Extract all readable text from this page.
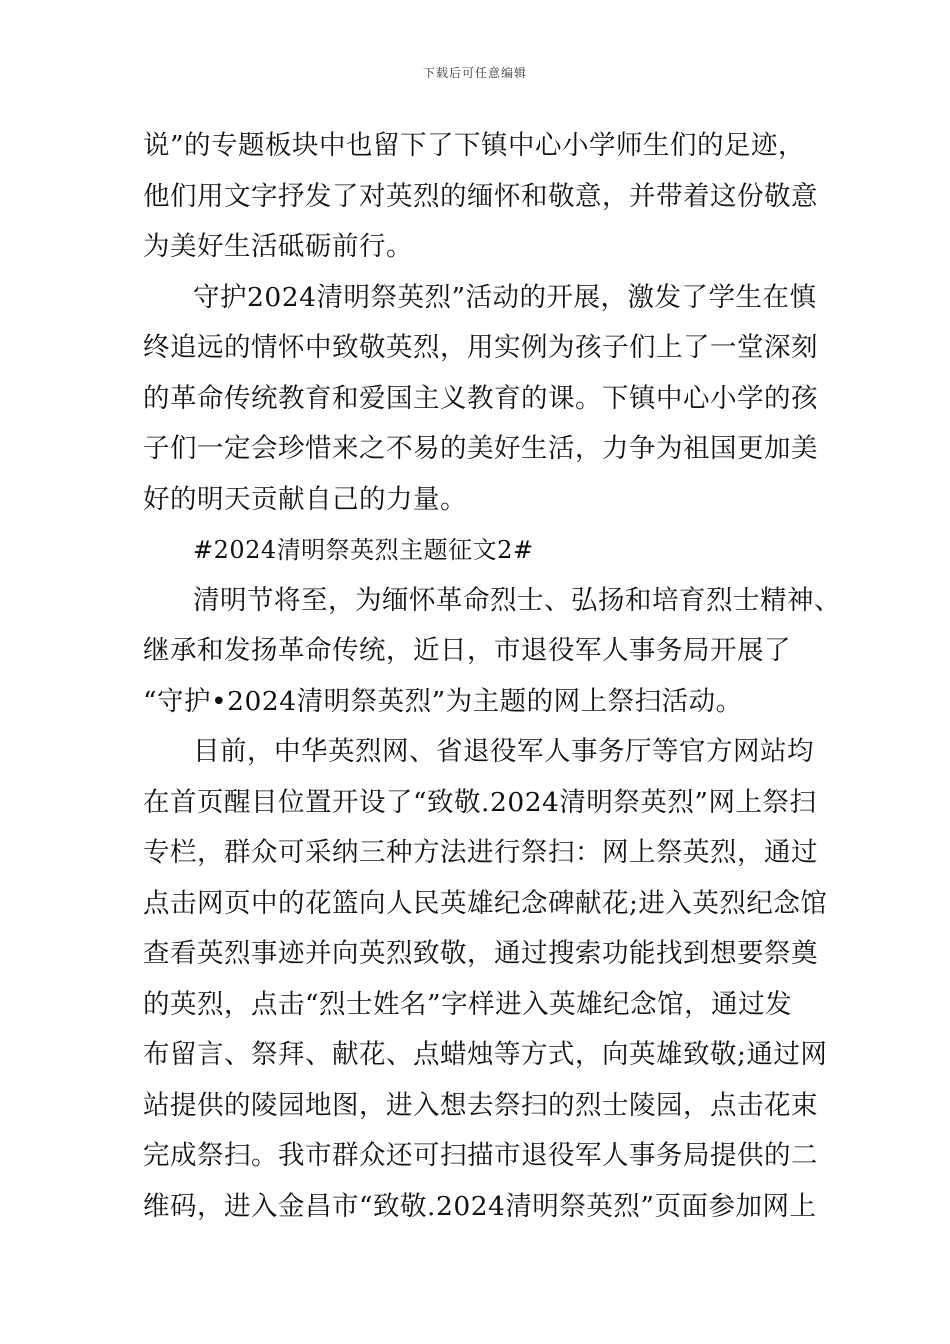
下载后可任意编辑
说”的专题板块中也留下了下镇中心小学师生们的足迹，
他们用文字抒发了对英烈的缅怀和敬意，并带着这份敬意
为美好生活砥砺前行。
守护2024清明祭英烈”活动的开展，激发了学生在慎
终追远的情怀中致敬英烈，用实例为孩子们上了一堂深刻
的革命传统教育和爱国主义教育的课。下镇中心小学的孩
子们一定会珍惜来之不易的美好生活，力争为祖国更加美
好的明天贡献自己的力量。
#2024清明祭英烈主题征文2#
清明节将至，为缅怀革命烈士、弘扬和培育烈士精神、
继承和发扬革命传统，近日，市退役军人事务局开展了
“守护•2024清明祭英烈”为主题的网上祭扫活动。
目前，中华英烈网、省退役军人事务厅等官方网站均
在首页醒目位置开设了“致敬.2024清明祭英烈”网上祭扫
专栏，群众可采纳三种方法进行祭扫：网上祭英烈，通过
点击网页中的花篮向人民英雄纪念碑献花;进入英烈纪念馆
查看英烈事迹并向英烈致敬，通过搜索功能找到想要祭奠
的英烈，点击“烈士姓名”字样进入英雄纪念馆，通过发
布留言、祭拜、献花、点蜡烛等方式，向英雄致敬;通过网
站提供的陵园地图，进入想去祭扫的烈士陵园，点击花束
完成祭扫。我市群众还可扫描市退役军人事务局提供的二
维码，进入金昌市“致敬.2024清明祭英烈”页面参加网上
